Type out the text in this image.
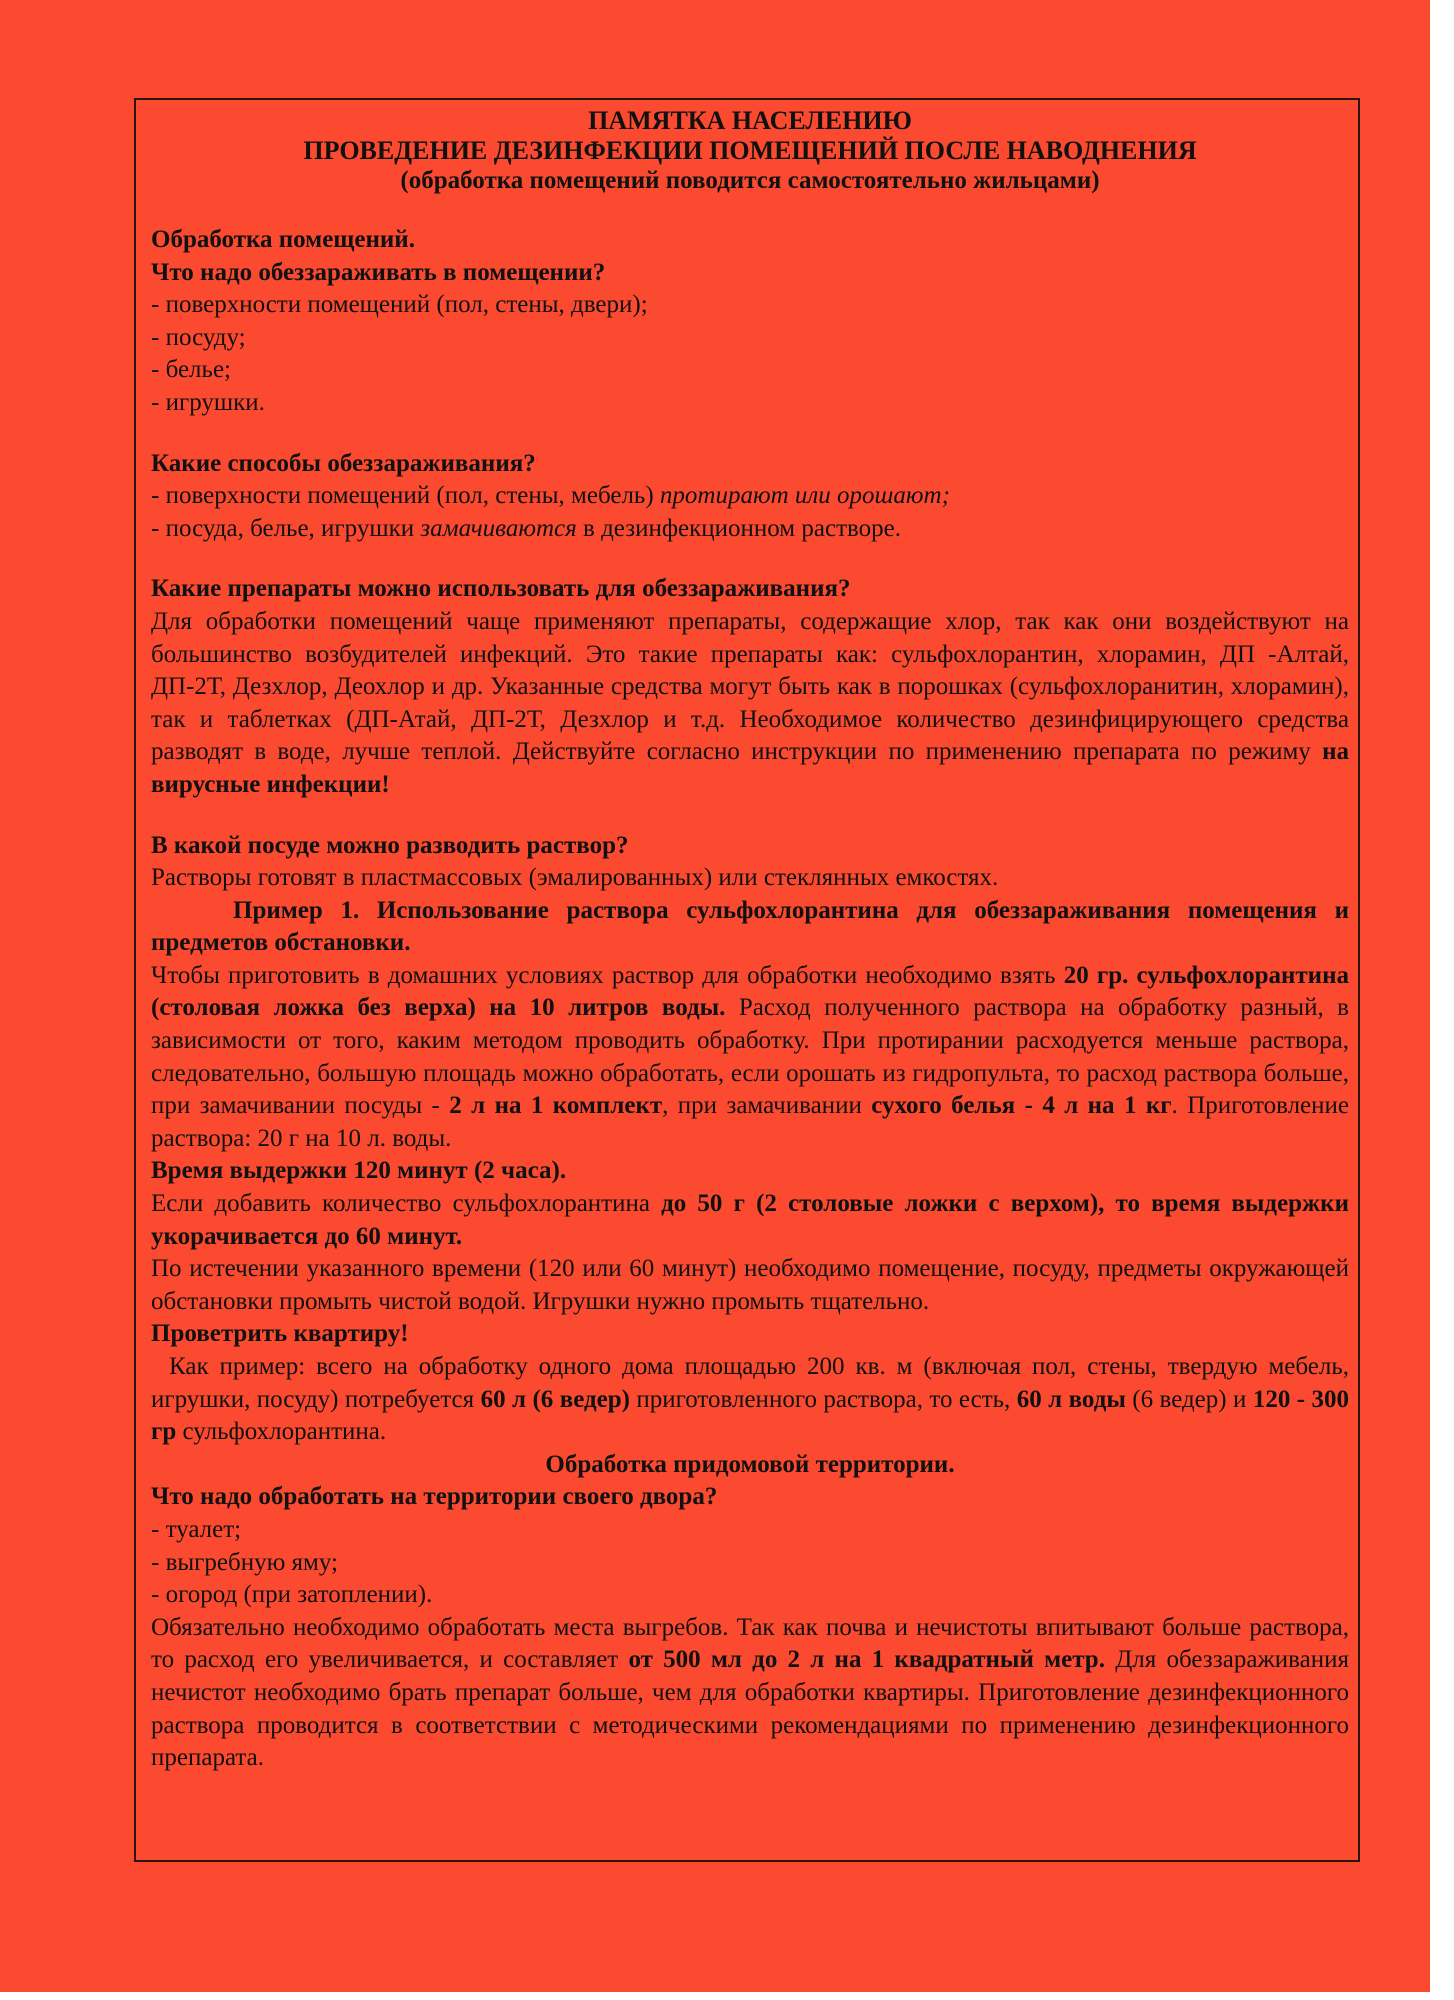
ПАМЯТКА НАСЕЛЕНИЮ
ПРОВЕДЕНИЕ ДЕЗИНФЕКЦИИ ПОМЕЩЕНИЙ ПОСЛЕ НАВОДНЕНИЯ
(обработка помещений поводится самостоятельно жильцами)

Обработка помещений.

Что надо обеззараживать в помещении?

- поверхности помещений (пол, стены, двери);

- посуду;

- белье;

- игрушки.

Какие способы обеззараживания?

- поверхности помещений (пол, стены, мебель) протирают или орошают;

- посуда, белье, игрушки замачиваются в дезинфекционном растворе.

Какие препараты можно использовать для обеззараживания?

Для обработки помещений чаще применяют препараты, содержащие хлор, так как они воздействуют на большинство возбудителей инфекций. Это такие препараты как: сульфохлорантин, хлорамин, ДП -Алтай, ДП-2Т, Дезхлор, Деохлор и др. Указанные средства могут быть как в порошках (сульфохлоранитин, хлорамин), так и таблетках (ДП-Атай, ДП-2Т, Дезхлор и т.д. Необходимое количество дезинфицирующего средства разводят в воде, лучше теплой. Действуйте согласно инструкции по применению препарата по режиму на вирусные инфекции!

В какой посуде можно разводить раствор?

Растворы готовят в пластмассовых (эмалированных) или стеклянных емкостях.

Пример 1. Использование раствора сульфохлорантина для обеззараживания помещения и предметов обстановки.

Чтобы приготовить в домашних условиях раствор для обработки необходимо взять 20 гр. сульфохлорантина (столовая ложка без верха) на 10 литров воды. Расход полученного раствора на обработку разный, в зависимости от того, каким методом проводить обработку. При протирании расходуется меньше раствора, следовательно, большую площадь можно обработать, если орошать из гидропульта, то расход раствора больше, при замачивании посуды - 2 л на 1 комплект, при замачивании сухого белья - 4 л на 1 кг. Приготовление раствора: 20 г на 10 л. воды.

Время выдержки 120 минут (2 часа).

Если добавить количество сульфохлорантина до 50 г (2 столовые ложки с верхом), то время выдержки укорачивается до 60 минут.

По истечении указанного времени (120 или 60 минут) необходимо помещение, посуду, предметы окружающей обстановки промыть чистой водой. Игрушки нужно промыть тщательно.

Проветрить квартиру!

Как пример: всего на обработку одного дома площадью 200 кв. м (включая пол, стены, твердую мебель, игрушки, посуду) потребуется 60 л (6 ведер) приготовленного раствора, то есть, 60 л воды (6 ведер) и 120 - 300 гр сульфохлорантина.

Обработка придомовой территории.

Что надо обработать на территории своего двора?

- туалет;

- выгребную яму;

- огород (при затоплении).

Обязательно необходимо обработать места выгребов. Так как почва и нечистоты впитывают больше раствора, то расход его увеличивается, и составляет от 500 мл до 2 л на 1 квадратный метр. Для обеззараживания нечистот необходимо брать препарат больше, чем для обработки квартиры. Приготовление дезинфекционного раствора проводится в соответствии с методическими рекомендациями по применению дезинфекционного препарата.
